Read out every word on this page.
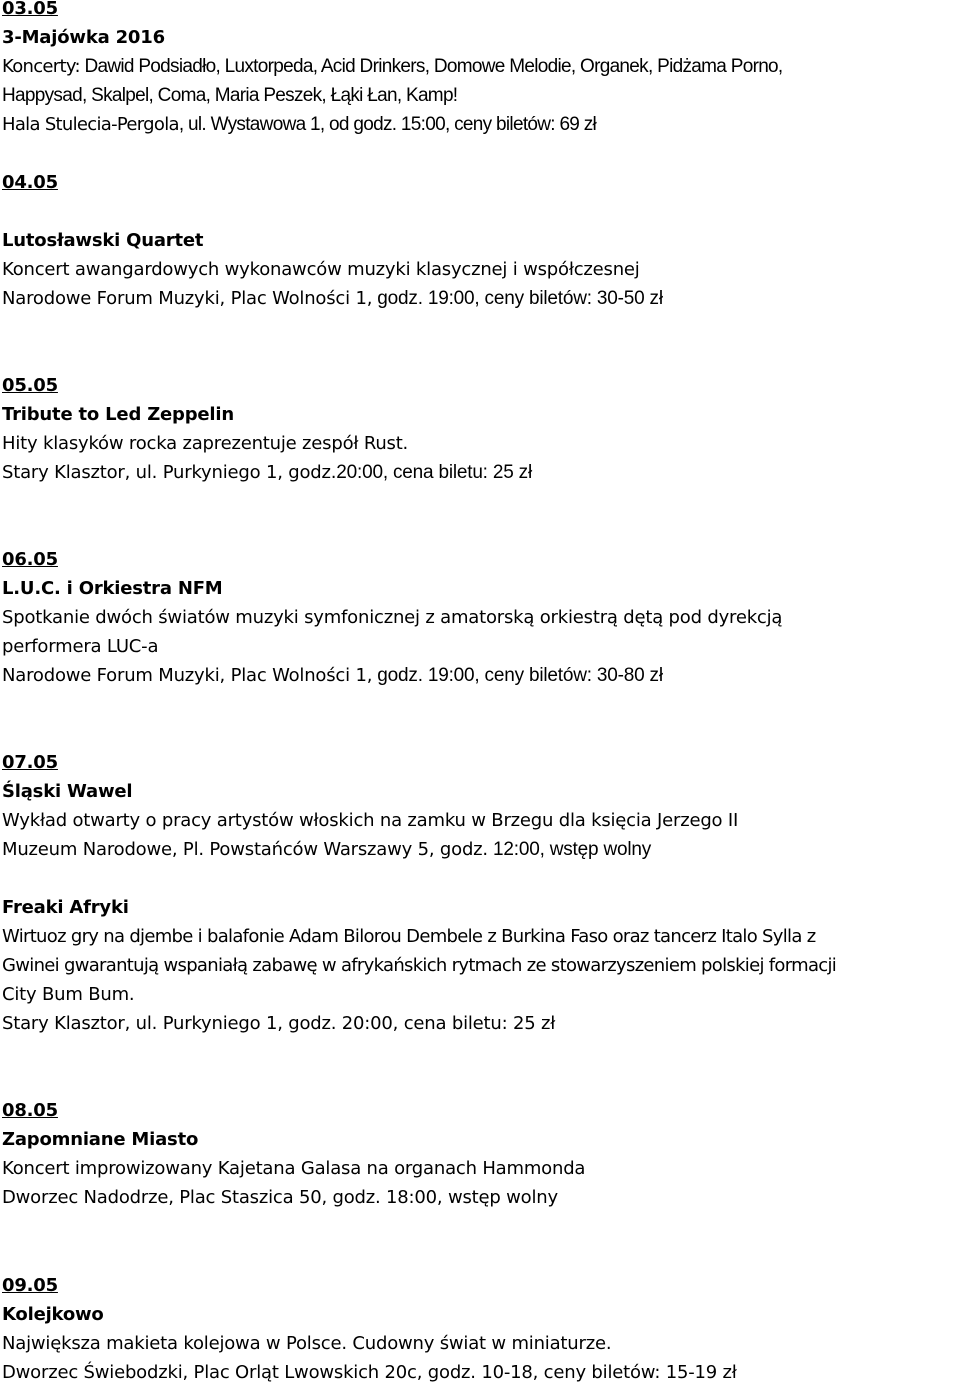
03.05
3-Majówka 2016
Koncerty: Dawid Podsiadło, Luxtorpeda, Acid Drinkers, Domowe Melodie, Organek, Pidżama Porno,
Happysad, Skalpel, Coma, Maria Peszek, Łąki Łan, Kamp!
Hala Stulecia-Pergola, ul. Wystawowa 1, od godz. 15:00, ceny biletów: 69 zł
04.05
Lutosławski Quartet
Koncert awangardowych wykonawców muzyki klasycznej i współczesnej
Narodowe Forum Muzyki, Plac Wolności 1, godz. 19:00, ceny biletów: 30-50 zł
05.05
Tribute to Led Zeppelin
Hity klasyków rocka zaprezentuje zespół Rust.
Stary Klasztor, ul. Purkyniego 1, godz.20:00, cena biletu: 25 zł
06.05
L.U.C. i Orkiestra NFM
Spotkanie dwóch światów muzyki symfonicznej z amatorską orkiestrą dętą pod dyrekcją
performera LUC-a
Narodowe Forum Muzyki, Plac Wolności 1, godz. 19:00, ceny biletów: 30-80 zł
07.05
Śląski Wawel
Wykład otwarty o pracy artystów włoskich na zamku w Brzegu dla księcia Jerzego II
Muzeum Narodowe, Pl. Powstańców Warszawy 5, godz. 12:00, wstęp wolny
Freaki Afryki
Wirtuoz gry na djembe i balafonie Adam Bilorou Dembele z Burkina Faso oraz tancerz Italo Sylla z
Gwinei gwarantują wspaniałą zabawę w afrykańskich rytmach ze stowarzyszeniem polskiej formacji
City Bum Bum.
Stary Klasztor, ul. Purkyniego 1, godz. 20:00, cena biletu: 25 zł
08.05
Zapomniane Miasto
Koncert improwizowany Kajetana Galasa na organach Hammonda
Dworzec Nadodrze, Plac Staszica 50, godz. 18:00, wstęp wolny
09.05
Kolejkowo
Największa makieta kolejowa w Polsce. Cudowny świat w miniaturze.
Dworzec Świebodzki, Plac Orląt Lwowskich 20c, godz. 10-18, ceny biletów: 15-19 zł
